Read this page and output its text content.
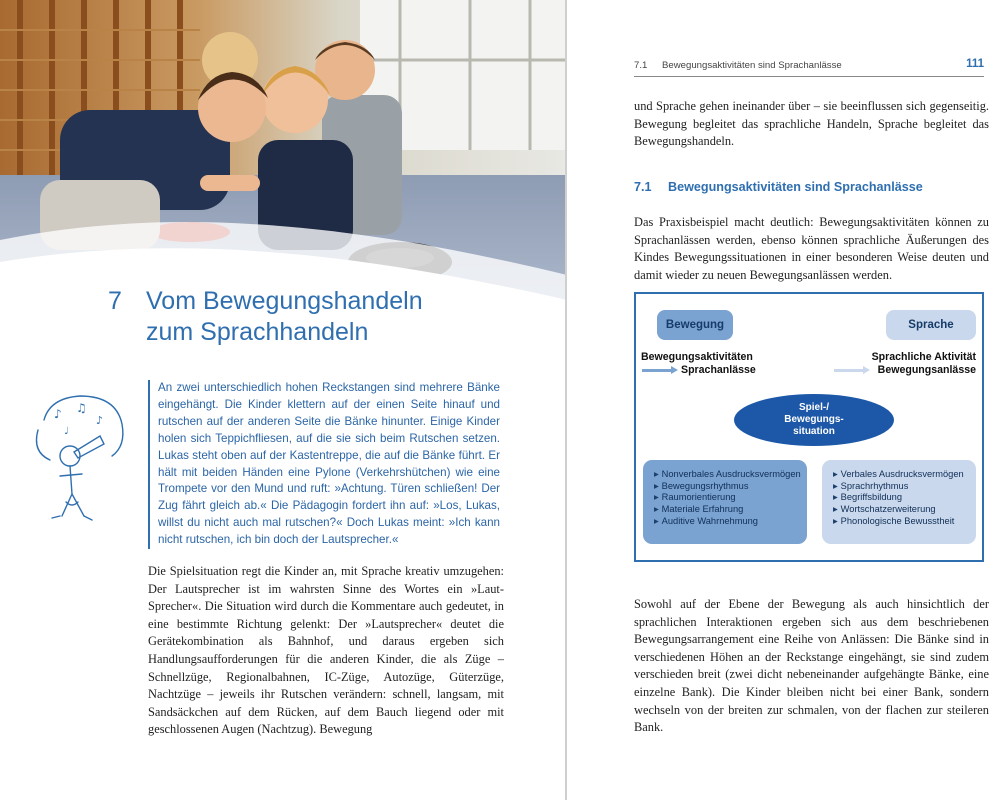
7 Vom Bewegungshandeln
zum Sprachhandeln
♪ ♫
♪
♩
An zwei unterschiedlich hohen Reckstangen sind mehrere Bänke eingehängt. Die Kinder klettern auf der einen Seite hinauf und rutschen auf der anderen Seite die Bänke hinunter. Einige Kinder holen sich Teppichfliesen, auf die sie sich beim Rutschen setzen. Lukas steht oben auf der Kastentreppe, die auf die Bänke führt. Er hält mit beiden Händen eine Pylone (Verkehrshütchen) wie eine Trompete vor den Mund und ruft: »Achtung. Türen schließen! Der Zug fährt gleich ab.« Die Pädagogin fordert ihn auf: »Los, Lukas, willst du nicht auch mal rutschen?« Doch Lukas meint: »Ich kann nicht rutschen, ich bin doch der Lautsprecher.«

Die Spielsituation regt die Kinder an, mit Sprache kreativ umzugehen: Der Lautsprecher ist im wahrsten Sinne des Wortes ein »Laut-Sprecher«. Die Situation wird durch die Kommentare auch gedeutet, in eine bestimmte Richtung gelenkt: Der »Lautsprecher« deutet die Gerätekombination als Bahnhof, und daraus ergeben sich Handlungsaufforderungen für die anderen Kinder, die als Züge – Schnellzüge, Regionalbahnen, IC-Züge, Autozüge, Güterzüge, Nachtzüge – jeweils ihr Rutschen verändern: schnell, langsam, mit Sandsäckchen auf dem Rücken, auf dem Bauch liegend oder mit geschlossenen Augen (Nachtzug). Bewegung

7.1 Bewegungsaktivitäten sind Sprachanlässe	111

und Sprache gehen ineinander über – sie beeinflussen sich gegenseitig. Bewegung begleitet das sprachliche Handeln, Sprache begleitet das Bewegungshandeln.

7.1 Bewegungsaktivitäten sind Sprachanlässe

Das Praxisbeispiel macht deutlich: Bewegungsaktivitäten können zu Sprachanlässen werden, ebenso können sprachliche Äußerungen des Kindes Bewegungssituationen in einer besonderen Weise deuten und damit wieder zu neuen Bewegungsanlässen werden.

Bewegung	Sprache
Bewegungsaktivitäten
Sprachanlässe
Sprachliche Aktivität
Bewegungsanlässe
Spiel-/
Bewegungs-
situation
▸ Nonverbales Ausdrucksvermögen
▸ Bewegungsrhythmus
▸ Raumorientierung
▸ Materiale Erfahrung
▸ Auditive Wahrnehmung
▸ Verbales Ausdrucksvermögen
▸ Sprachrhythmus
▸ Begriffsbildung
▸ Wortschatzerweiterung
▸ Phonologische Bewusstheit

Sowohl auf der Ebene der Bewegung als auch hinsichtlich der sprachlichen Interaktionen ergeben sich aus dem beschriebenen Bewegungsarrangement eine Reihe von Anlässen: Die Bänke sind in verschiedenen Höhen an der Reckstange eingehängt, sie sind zudem verschieden breit (zwei dicht nebeneinander aufgehängte Bänke, eine einzelne Bank). Die Kinder bleiben nicht bei einer Bank, sondern wechseln von der breiten zur schmalen, von der flachen zur steileren Bank.
